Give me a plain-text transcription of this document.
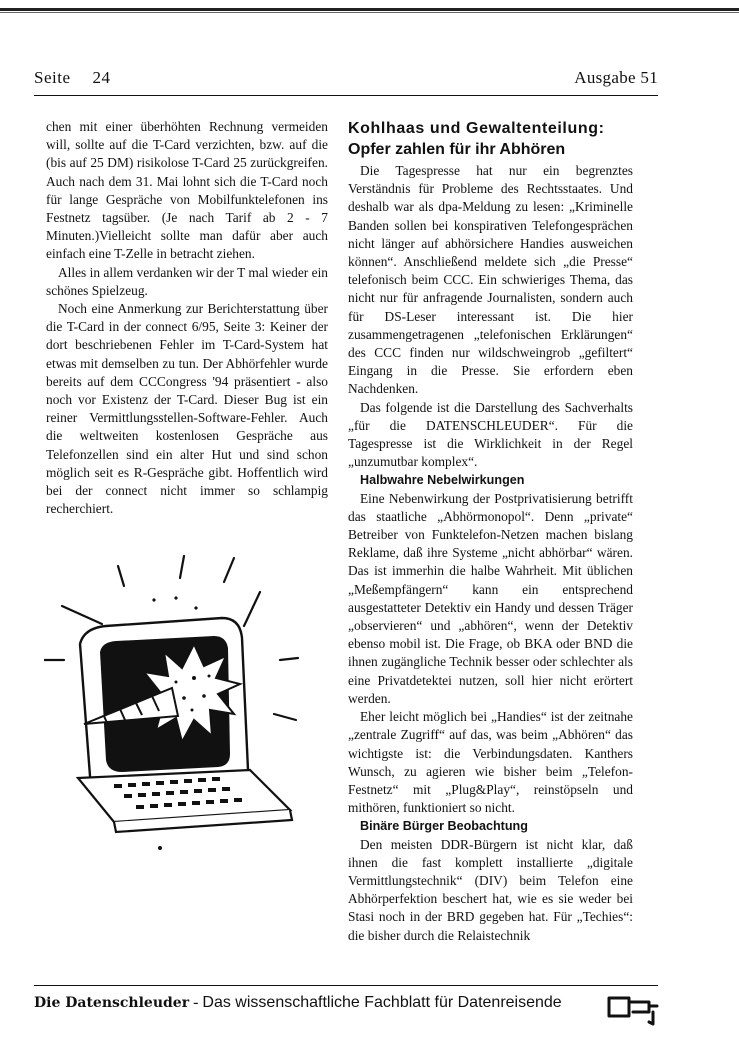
Seite 24	Ausgabe 51

chen mit einer überhöhten Rechnung vermeiden will, sollte auf die T-Card verzichten, bzw. auf die (bis auf 25 DM) risikolose T-Card 25 zurückgreifen. Auch nach dem 31. Mai lohnt sich die T-Card noch für lange Gespräche von Mobilfunktelefonen ins Festnetz tagsüber. (Je nach Tarif ab 2 - 7 Minuten.)Vielleicht sollte man dafür aber auch einfach eine T-Zelle in betracht ziehen.

Alles in allem verdanken wir der T mal wieder ein schönes Spielzeug.

Noch eine Anmerkung zur Berichterstattung über die T-Card in der connect 6/95, Seite 3: Keiner der dort beschriebenen Fehler im T-Card-System hat etwas mit demselben zu tun. Der Abhörfehler wurde bereits auf dem CCCongress '94 präsentiert - also noch vor Existenz der T-Card. Dieser Bug ist ein reiner Vermittlungsstellen-Software-Fehler. Auch die weltweiten kostenlosen Gespräche aus Telefonzellen sind ein alter Hut und sind schon möglich seit es R-Gespräche gibt. Hoffentlich wird bei der connect nicht immer so schlampig recherchiert.

Kohlhaas und Gewaltenteilung:
Opfer zahlen für ihr Abhören

Die Tagespresse hat nur ein begrenztes Verständnis für Probleme des Rechtsstaates. Und deshalb war als dpa-Meldung zu lesen: „Kriminelle Banden sollen bei konspirativen Telefongesprächen nicht länger auf abhörsichere Handies ausweichen können“. Anschließend meldete sich „die Presse“ telefonisch beim CCC. Ein schwieriges Thema, das nicht nur für anfragende Journalisten, sondern auch für DS-Leser interessant ist. Die hier zusammengetragenen „telefonischen Erklärungen“ des CCC finden nur wildschweingrob „gefiltert“ Eingang in die Presse. Sie erfordern eben Nachdenken.

Das folgende ist die Darstellung des Sachverhalts „für die DATENSCHLEUDER“. Für die Tagespresse ist die Wirklichkeit in der Regel „unzumutbar komplex“.

Halbwahre Nebelwirkungen

Eine Nebenwirkung der Postprivatisierung betrifft das staatliche „Abhörmonopol“. Denn „private“ Betreiber von Funktelefon-Netzen machen bislang Reklame, daß ihre Systeme „nicht abhörbar“ wären. Das ist immerhin die halbe Wahrheit. Mit üblichen „Meßempfängern“ kann ein entsprechend ausgestatteter Detektiv ein Handy und dessen Träger „observieren“ und „abhören“, wenn der Detektiv ebenso mobil ist. Die Frage, ob BKA oder BND die ihnen zugängliche Technik besser oder schlechter als eine Privatdetektei nutzen, soll hier nicht erörtert werden.

Eher leicht möglich bei „Handies“ ist der zeitnahe „zentrale Zugriff“ auf das, was beim „Abhören“ das wichtigste ist: die Verbindungsdaten. Kanthers Wunsch, zu agieren wie bisher beim „Telefon-Festnetz“ mit „Plug&Play“, reinstöpseln und mithören, funktioniert so nicht.

Binäre Bürger Beobachtung

Den meisten DDR-Bürgern ist nicht klar, daß ihnen die fast komplett installierte „digitale Vermittlungstechnik“ (DIV) beim Telefon eine Abhörperfektion beschert hat, wie es sie weder bei Stasi noch in der BRD gegeben hat. Für „Techies“: die bisher durch die Relaistechnik

Die Datenschleuder - Das wissenschaftliche Fachblatt für Datenreisende
